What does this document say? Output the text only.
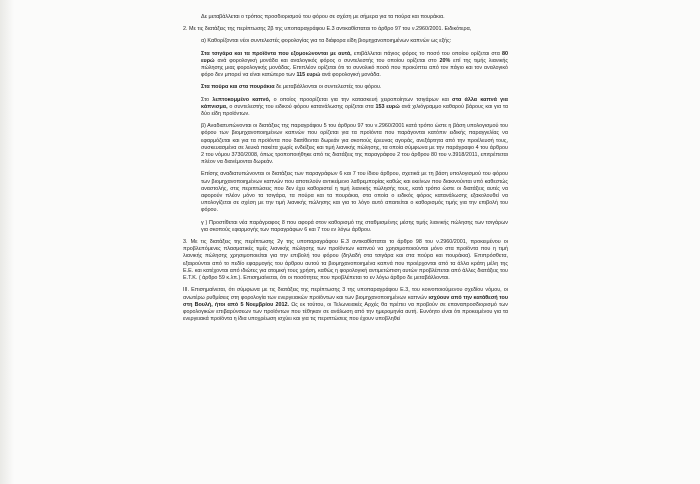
Δε μεταβάλλεται ο τρόπος προσδιορισμού του φόρου σε σχέση με σήμερα για τα πούρα και πουράκια.

2. Με τις διατάξεις της περίπτωσης 2β της υποπαραγράφου Ε.3 αντικαθίσταται το άρθρο 97 του ν.2960/2001. Ειδικότερα,

α) Καθορίζονται νέοι συντελεστές φορολογίας για τα διάφορα είδη βιομηχανοποιημένων καπνών ως εξής:

Στα τσιγάρα και τα προϊόντα που εξομοιώνονται με αυτά, επιβάλλεται πάγιος φόρος το ποσό του οποίου ορίζεται στα 80 ευρώ ανά φορολογική μονάδα και αναλογικός φόρος ο συντελεστής του οποίου ορίζεται στο 20% επί της τιμής λιανικής πώλησης μιας φορολογικής μονάδας. Επιπλέον ορίζεται ότι το συνολικό ποσό που προκύπτει από τον πάγιο και τον αναλογικό φόρο δεν μπορεί να είναι κατώτερο των 115 ευρώ ανά φορολογική μονάδα.

Στα πούρα και στα πουράκια δε μεταβάλλονται οι συντελεστές του φόρου.

Στο λεπτοκομμένο καπνό, ο οποίος προορίζεται για την κατασκευή χειροποίητων τσιγάρων και στα άλλα καπνά για κάπνισμα, ο συντελεστής του ειδικού φόρου κατανάλωσης ορίζεται στα 153 ευρώ ανά χιλιόγραμμο καθαρού βάρους και για τα δύο είδη προϊόντων.

β) Αναδιατυπώνονται οι διατάξεις της παραγράφου 5 του άρθρου 97 του ν.2960/2001 κατά τρόπο ώστε η βάση υπολογισμού του φόρου των βιομηχανοποιημένων καπνών που ορίζεται για τα προϊόντα που παράγονται κατόπιν ειδικής παραγγελίας να εφαρμόζεται και για τα προϊόντα που διατίθενται δωρεάν για σκοπούς έρευνας αγοράς, ανεξάρτητα από την προέλευσή τους, συσκευασμένα σε λευκά πακέτα χωρίς ενδείξεις και τιμή λιανικής πώλησης, τα οποία σύμφωνα με την παράγραφο 4 του άρθρου 2 του νόμου 3730/2008, όπως τροποποιήθηκε από τις διατάξεις της παραγράφου 2 του άρθρου 80 του ν.3918/2011, επιτρέπεται πλέον να διανέμονται δωρεάν.

Επίσης αναδιατυπώνονται οι διατάξεις των παραγράφων 6 και 7 του ίδιου άρθρου, σχετικά με τη βάση υπολογισμού του φόρου των βιομηχανοποιημένων καπνών που αποτελούν αντικείμενο λαθρεμπορίας καθώς και εκείνων που διακινούνται υπό καθεστώς αναστολής, στις περιπτώσεις που δεν έχει καθοριστεί η τιμή λιανικής πώλησής τους, κατά τρόπο ώστε οι διατάξεις αυτές να αφορούν πλέον μόνο τα τσιγάρα, τα πούρα και τα πουράκια, στα οποία ο ειδικός φόρος κατανάλωσης εξακολουθεί να υπολογίζεται σε σχέση με την τιμή λιανικής πώλησης και για το λόγο αυτό απαιτείται ο καθορισμός τιμής για την επιβολή του φόρου.

γ ) Προστίθεται νέα παράγραφος 8 που αφορά στον καθορισμό της σταθμισμένης μέσης τιμής λιανικής πώλησης των τσιγάρων για σκοπούς εφαρμογής των παραγράφων 6 και 7 του εν λόγω άρθρου.

3. Με τις διατάξεις της περίπτωσης 2γ της υποπαραγράφου Ε.3 αντικαθίσταται το άρθρο 98 του ν.2960/2001, προκειμένου οι προβλεπόμενες πλασματικές τιμές λιανικής πώλησης των προϊόντων καπνού να χρησιμοποιούνται μόνο στα προϊόντα που η τιμή λιανικής πώλησης χρησιμοποιείται για την επιβολή του φόρου (δηλαδή στα τσιγάρα και στα πούρα και πουράκια). Επιπρόσθετα, εξαιρούνται από το πεδίο εφαρμογής του άρθρου αυτού τα βιομηχανοποιημένα καπνά που προέρχονται από τα άλλα κράτη μέλη της Ε.Ε. και κατέχονται από ιδιώτες για ατομική τους χρήση, καθώς η φορολογική αντιμετώπιση αυτών προβλέπεται από άλλες διατάξεις του Ε.Τ.Κ. ( άρθρο 59 κ.λπ.). Επισημαίνεται, ότι οι ποσότητες που προβλέπεται το εν λόγω άρθρο δε μεταβάλλονται.

ΙΙΙ. Επισημαίνεται, ότι σύμφωνα με τις διατάξεις της περίπτωσης 3 της υποπαραγράφου Ε.3, του κοινοποιούμενου σχεδίου νόμου, οι ανωτέρω ρυθμίσεις στη φορολογία των ενεργειακών προϊόντων και των βιομηχανοποιημένων καπνών ισχύουν από την κατάθεσή του στη Βουλή, ήτοι από 5 Νοεμβρίου 2012. Ως εκ τούτου, οι Τελωνειακές Αρχές θα πρέπει να προβούν σε επαναπροσδιορισμό των φορολογικών επιβαρύνσεων των προϊόντων που τέθηκαν σε ανάλωση από την ημερομηνία αυτή. Ευνόητο είναι ότι προκειμένου για τα ενεργειακά προϊόντα η ίδια υποχρέωση ισχύει και για τις περιπτώσεις που έχουν υποβληθεί
